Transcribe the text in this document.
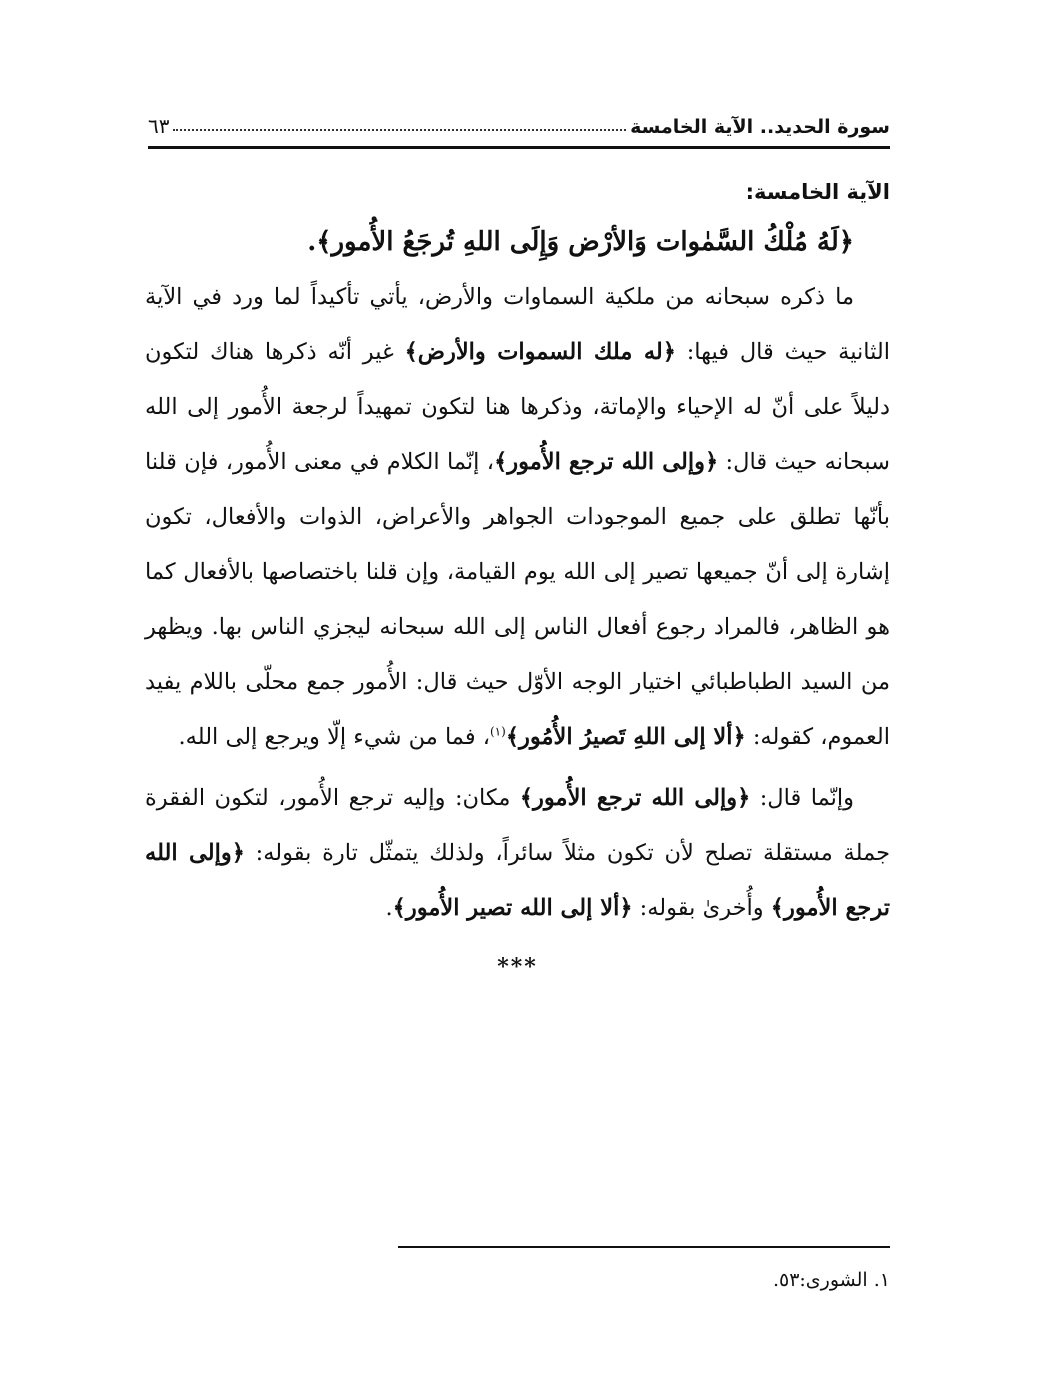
سورة الحديد.. الآية الخامسة
٦٣
الآية الخامسة:
﴿لَهُ مُلْكُ السَّمٰوات وَالأرْض وَإِلَى اللهِ تُرجَعُ الأُمور﴾.

ما ذكره سبحانه من ملكية السماوات والأرض، يأتي تأكيداً لما ورد في الآية الثانية حيث قال فيها: ﴿له ملك السموات والأرض﴾ غير أنّه ذكرها هناك لتكون دليلاً على أنّ له الإحياء والإماتة، وذكرها هنا لتكون تمهيداً لرجعة الأُمور إلى الله سبحانه حيث قال: ﴿وإلى الله ترجع الأُمور﴾، إنّما الكلام في معنى الأُمور، فإن قلنا بأنّها تطلق على جميع الموجودات الجواهر والأعراض، الذوات والأفعال، تكون إشارة إلى أنّ جميعها تصير إلى الله يوم القيامة، وإن قلنا باختصاصها بالأفعال كما هو الظاهر، فالمراد رجوع أفعال الناس إلى الله سبحانه ليجزي الناس بها. ويظهر من السيد الطباطبائي اختيار الوجه الأوّل حيث قال: الأُمور جمع محلّى باللام يفيد العموم، كقوله: ﴿ألا إلى اللهِ تَصيرُ الأُمُور﴾$^{(١)}$، فما من شيء إلّا ويرجع إلى الله.

وإنّما قال: ﴿وإلى الله ترجع الأُمور﴾ مكان: وإليه ترجع الأُمور، لتكون الفقرة جملة مستقلة تصلح لأن تكون مثلاً سائراً، ولذلك يتمثّل تارة بقوله: ﴿وإلى الله ترجع الأُمور﴾ وأُخرىٰ بقوله: ﴿ألا إلى الله تصير الأُمور﴾.

***
١. الشورى:٥٣.
